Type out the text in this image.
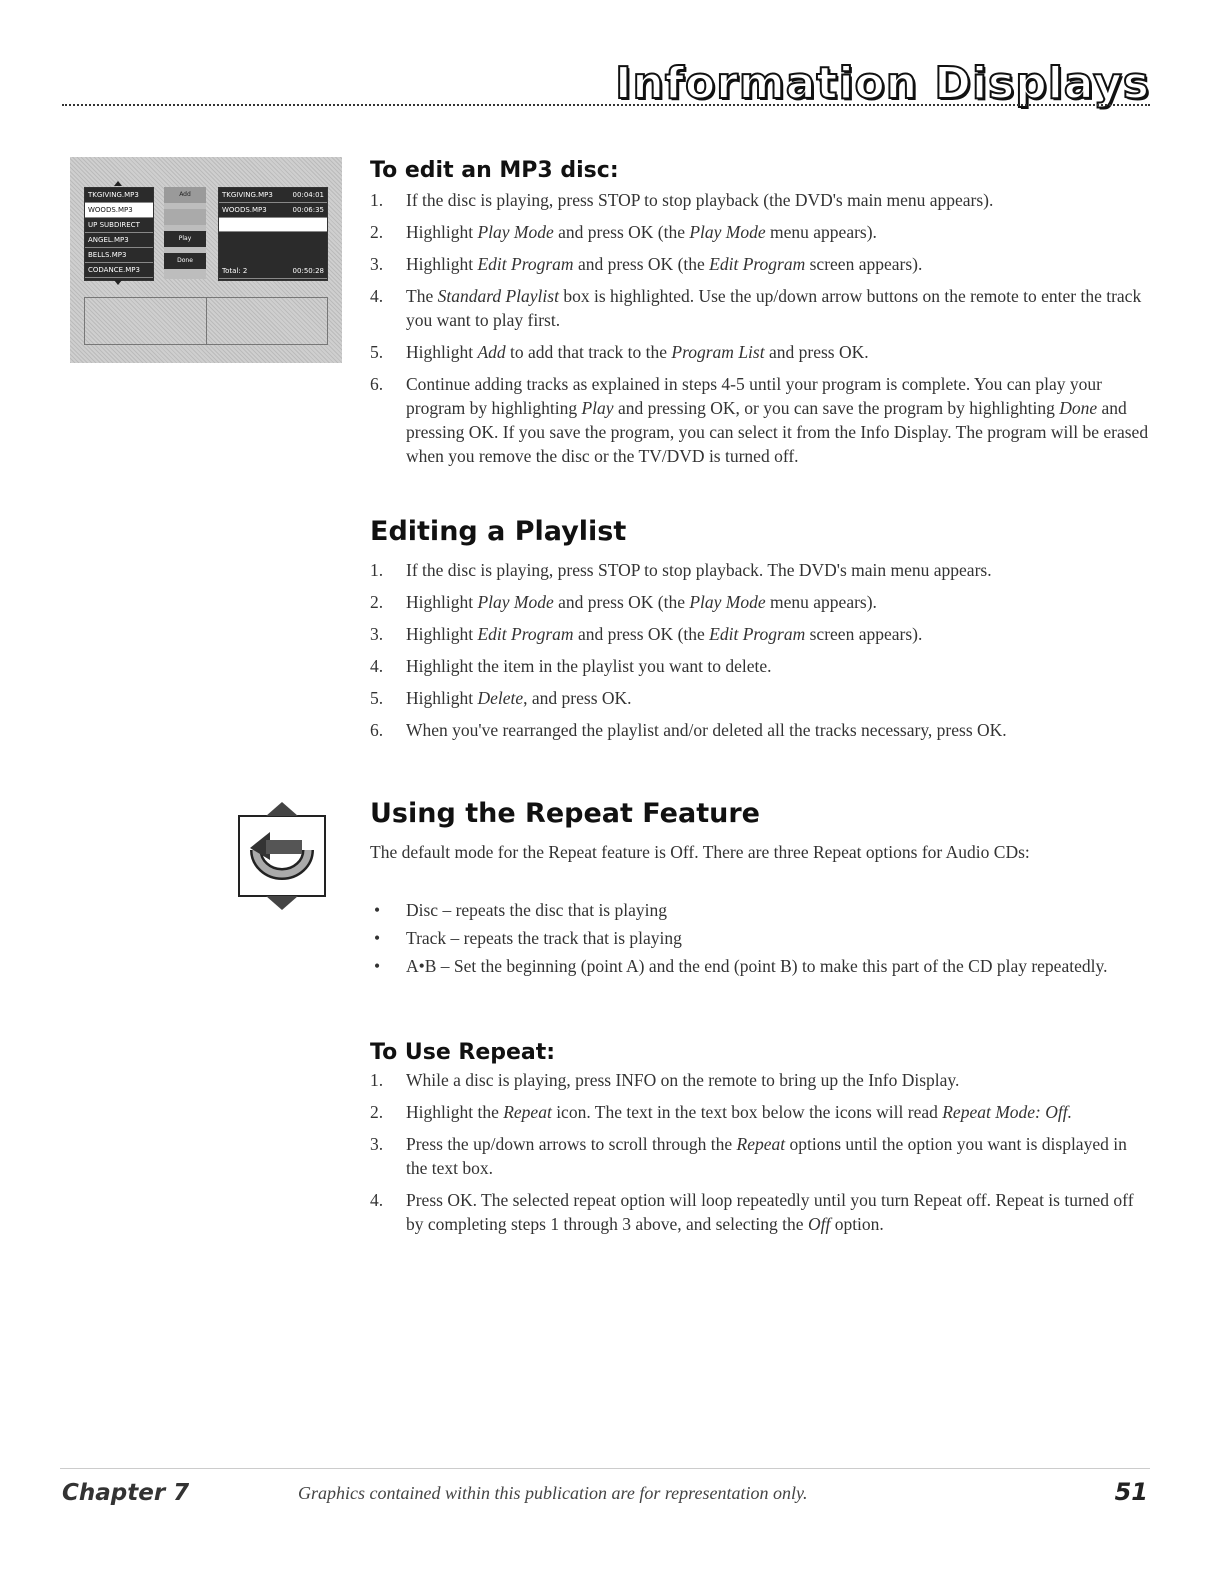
Information Displays
TKGIVING.MP3
WOODS.MP3
UP SUBDIRECT
ANGEL.MP3
BELLS.MP3
CODANCE.MP3
Add
Play
Done
TKGIVING.MP3	00:04:01
WOODS.MP3	00:06:35
Total: 2	00:50:28
To edit an MP3 disc:
1. If the disc is playing, press STOP to stop playback (the DVD's main menu appears).
2. Highlight Play Mode and press OK (the Play Mode menu appears).
3. Highlight Edit Program and press OK (the Edit Program screen appears).
4. The Standard Playlist box is highlighted. Use the up/down arrow buttons on the remote to enter the track you want to play first.
5. Highlight Add to add that track to the Program List and press OK.
6. Continue adding tracks as explained in steps 4-5 until your program is complete. You can play your program by highlighting Play and pressing OK, or you can save the program by highlighting Done and pressing OK. If you save the program, you can select it from the Info Display. The program will be erased when you remove the disc or the TV/DVD is turned off.
Editing a Playlist
1. If the disc is playing, press STOP to stop playback. The DVD's main menu appears.
2. Highlight Play Mode and press OK (the Play Mode menu appears).
3. Highlight Edit Program and press OK (the Edit Program screen appears).
4. Highlight the item in the playlist you want to delete.
5. Highlight Delete, and press OK.
6. When you've rearranged the playlist and/or deleted all the tracks necessary, press OK.
Using the Repeat Feature

The default mode for the Repeat feature is Off. There are three Repeat options for Audio CDs:

• Disc – repeats the disc that is playing
• Track – repeats the track that is playing
• A•B – Set the beginning (point A) and the end (point B) to make this part of the CD play repeatedly.
To Use Repeat:
1. While a disc is playing, press INFO on the remote to bring up the Info Display.
2. Highlight the Repeat icon. The text in the text box below the icons will read Repeat Mode: Off.
3. Press the up/down arrows to scroll through the Repeat options until the option you want is displayed in the text box.
4. Press OK. The selected repeat option will loop repeatedly until you turn Repeat off. Repeat is turned off by completing steps 1 through 3 above, and selecting the Off option.
Chapter 7	Graphics contained within this publication are for representation only.	51
